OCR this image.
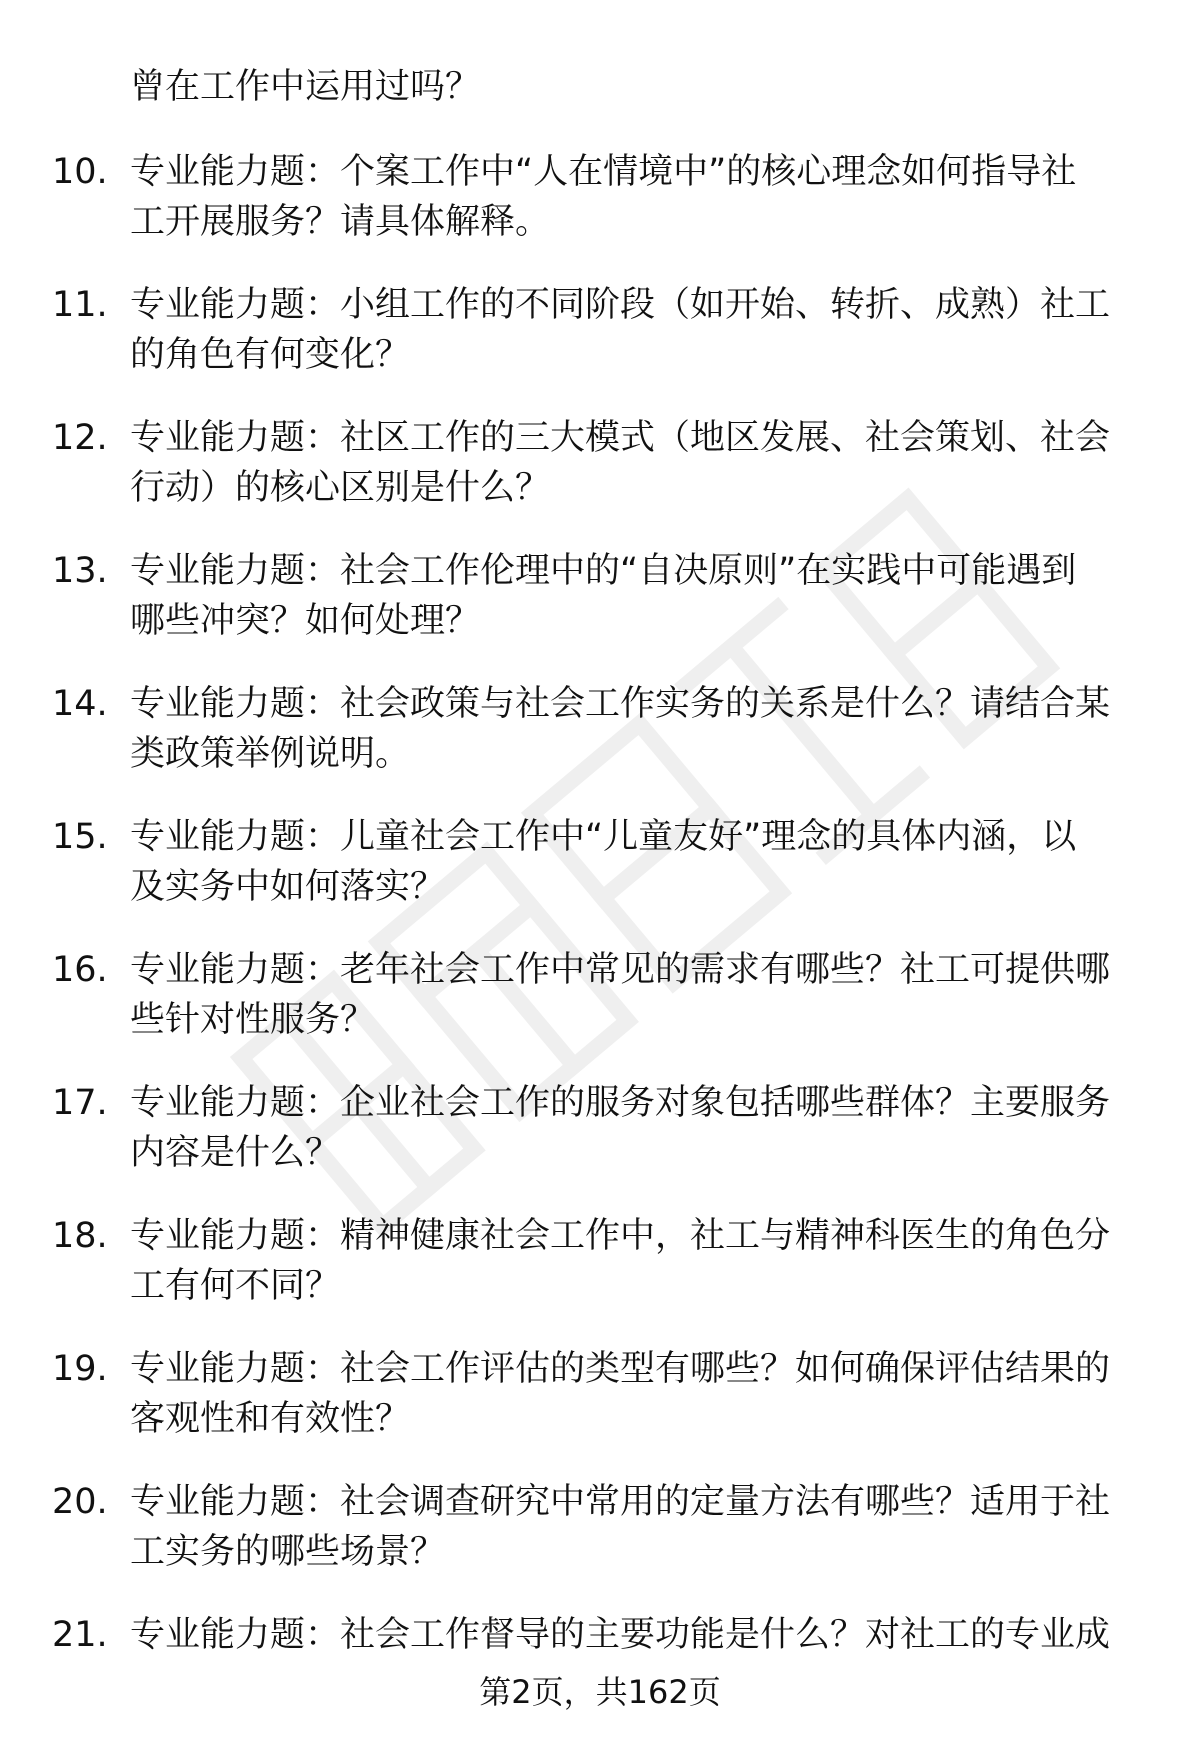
曾在工作中运用过吗？
10. 专业能力题：个案工作中“人在情境中”的核心理念如何指导社
工开展服务？请具体解释。
11. 专业能力题：小组工作的不同阶段（如开始、转折、成熟）社工
的角色有何变化？
12. 专业能力题：社区工作的三大模式（地区发展、社会策划、社会
行动）的核心区别是什么？
13. 专业能力题：社会工作伦理中的“自决原则”在实践中可能遇到
哪些冲突？如何处理？
14. 专业能力题：社会政策与社会工作实务的关系是什么？请结合某
类政策举例说明。
15. 专业能力题：儿童社会工作中“儿童友好”理念的具体内涵，以
及实务中如何落实？
16. 专业能力题：老年社会工作中常见的需求有哪些？社工可提供哪
些针对性服务？
17. 专业能力题：企业社会工作的服务对象包括哪些群体？主要服务
内容是什么？
18. 专业能力题：精神健康社会工作中，社工与精神科医生的角色分
工有何不同？
19. 专业能力题：社会工作评估的类型有哪些？如何确保评估结果的
客观性和有效性？
20. 专业能力题：社会调查研究中常用的定量方法有哪些？适用于社
工实务的哪些场景？
21. 专业能力题：社会工作督导的主要功能是什么？对社工的专业成
第2页，共162页
